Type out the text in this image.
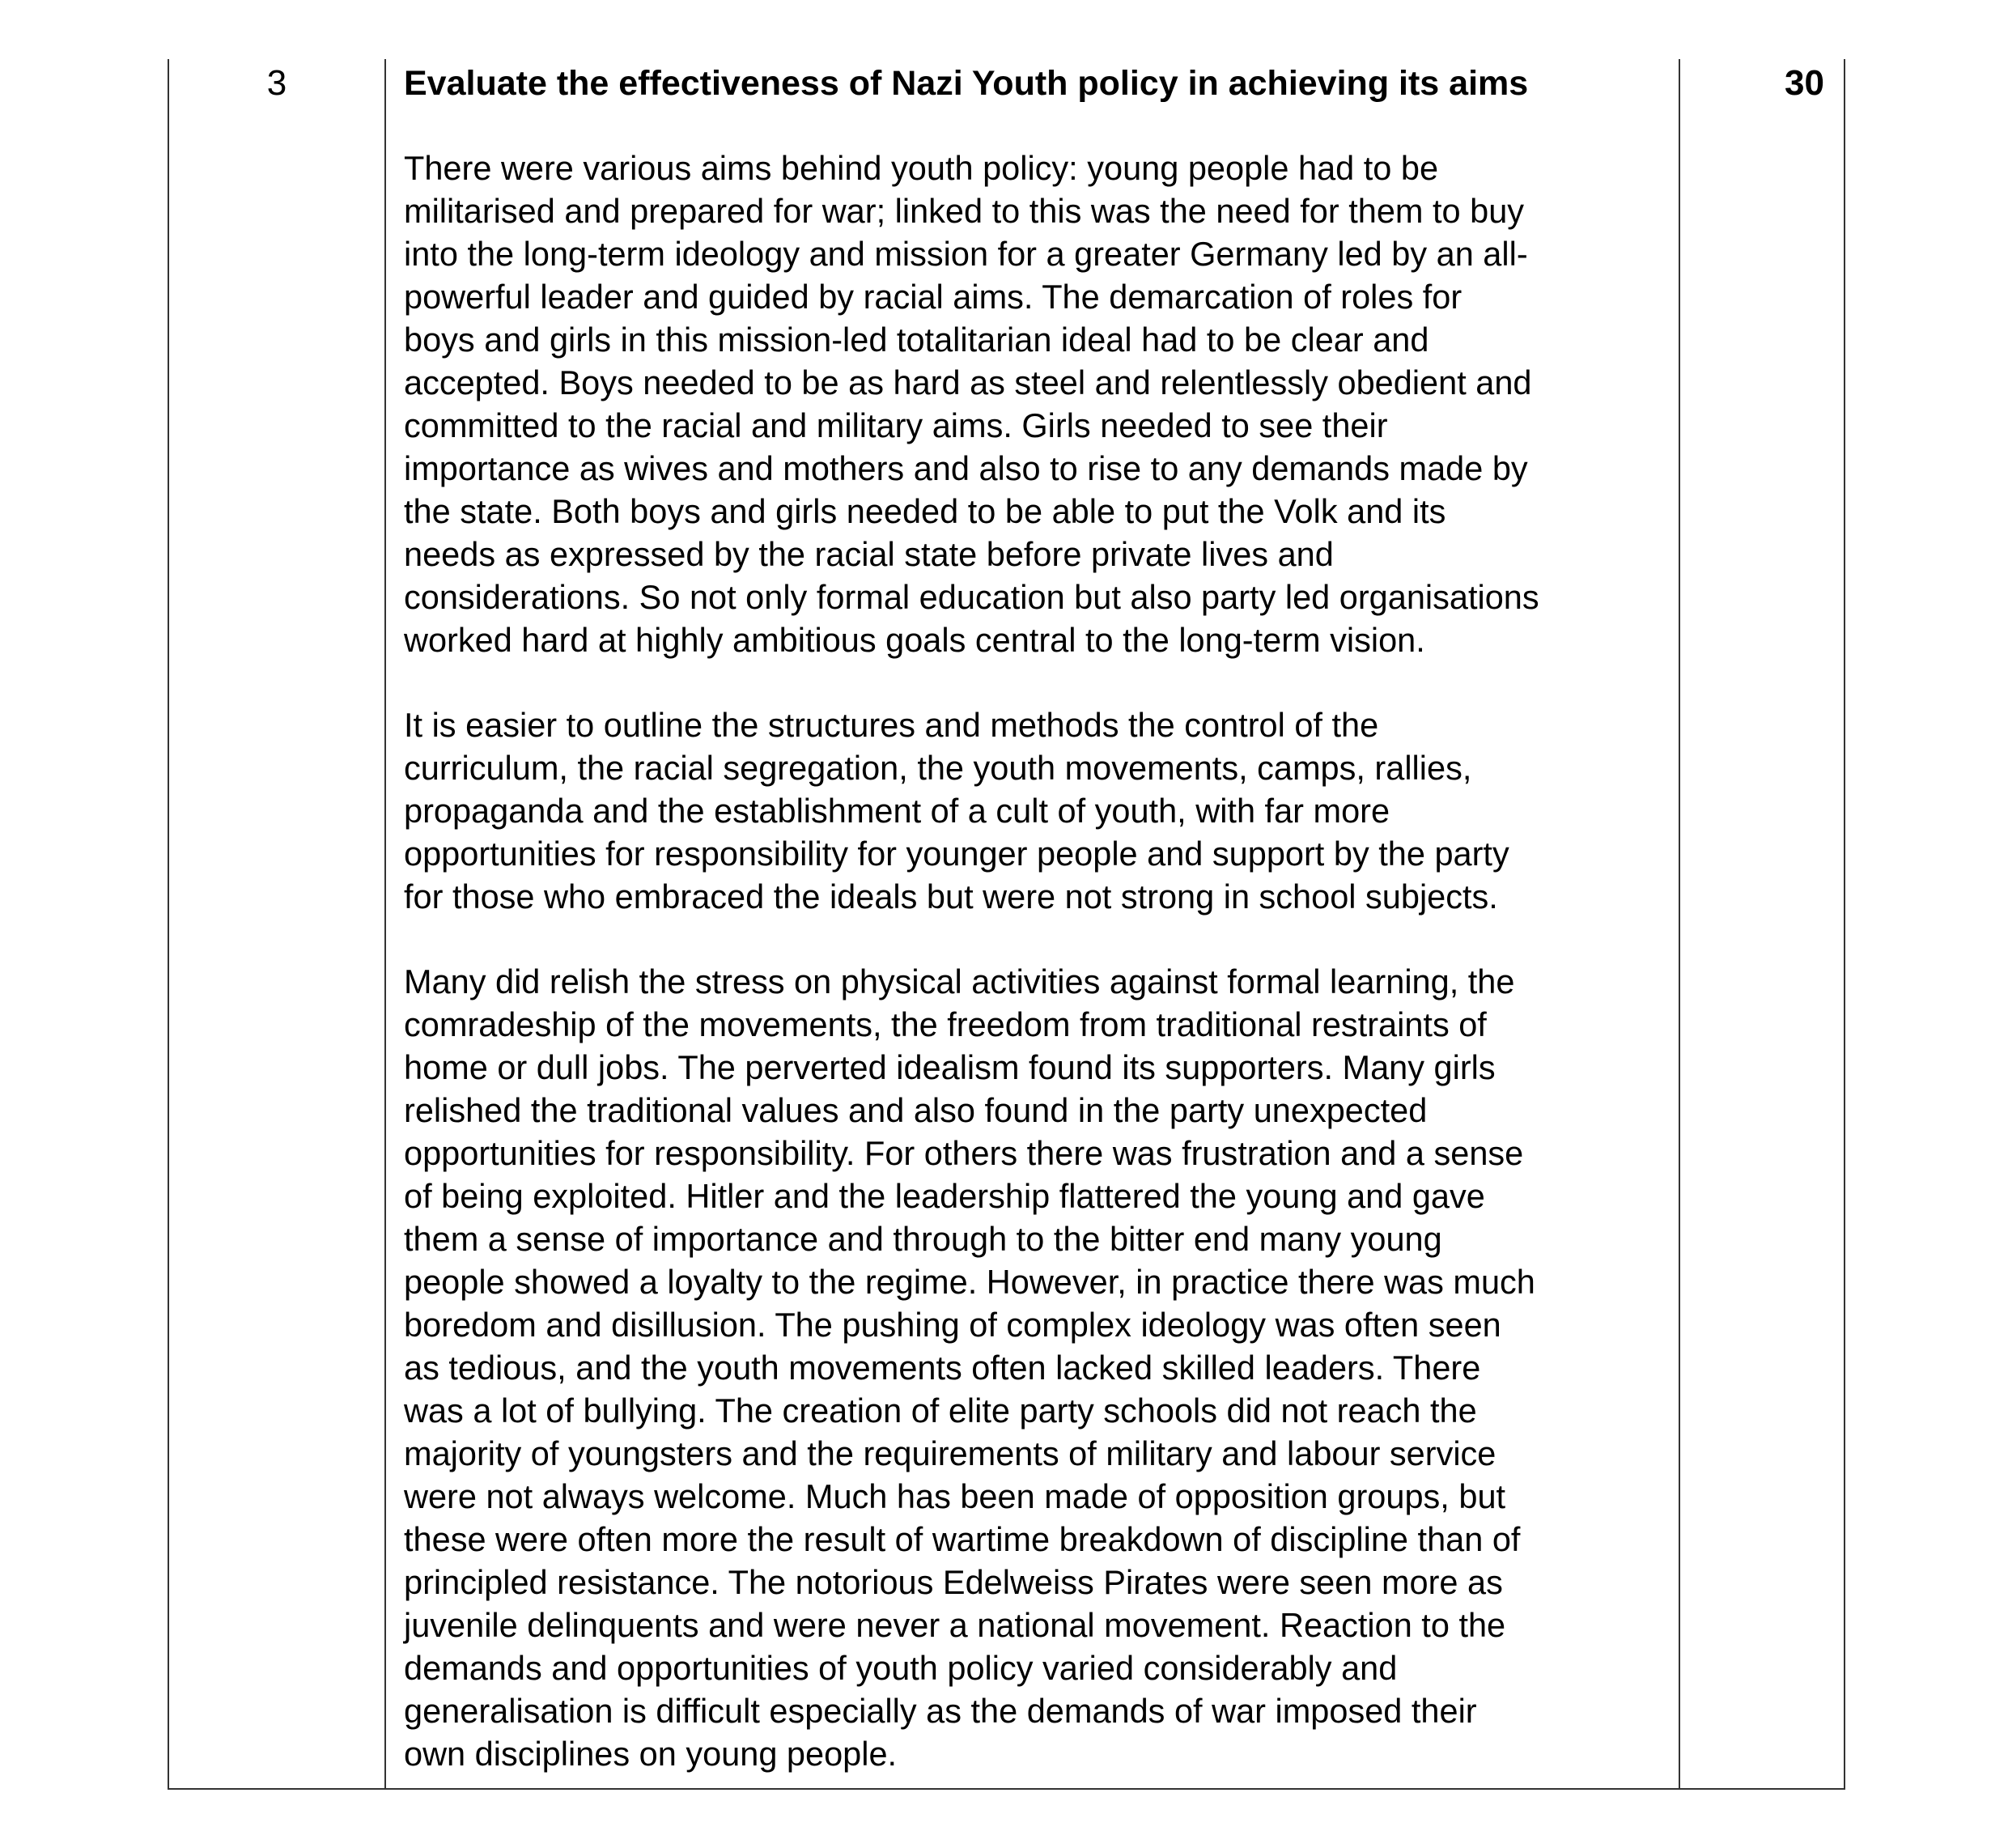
3	Evaluate the effectiveness of Nazi Youth policy in achieving its aims
There were various aims behind youth policy: young people had to be
militarised and prepared for war; linked to this was the need for them to buy
into the long-term ideology and mission for a greater Germany led by an all-
powerful leader and guided by racial aims. The demarcation of roles for
boys and girls in this mission-led totalitarian ideal had to be clear and
accepted. Boys needed to be as hard as steel and relentlessly obedient and
committed to the racial and military aims. Girls needed to see their
importance as wives and mothers and also to rise to any demands made by
the state. Both boys and girls needed to be able to put the Volk and its
needs as expressed by the racial state before private lives and
considerations. So not only formal education but also party led organisations
worked hard at highly ambitious goals central to the long-term vision.
It is easier to outline the structures and methods the control of the
curriculum, the racial segregation, the youth movements, camps, rallies,
propaganda and the establishment of a cult of youth, with far more
opportunities for responsibility for younger people and support by the party
for those who embraced the ideals but were not strong in school subjects.
Many did relish the stress on physical activities against formal learning, the
comradeship of the movements, the freedom from traditional restraints of
home or dull jobs. The perverted idealism found its supporters. Many girls
relished the traditional values and also found in the party unexpected
opportunities for responsibility. For others there was frustration and a sense
of being exploited. Hitler and the leadership flattered the young and gave
them a sense of importance and through to the bitter end many young
people showed a loyalty to the regime. However, in practice there was much
boredom and disillusion. The pushing of complex ideology was often seen
as tedious, and the youth movements often lacked skilled leaders. There
was a lot of bullying. The creation of elite party schools did not reach the
majority of youngsters and the requirements of military and labour service
were not always welcome. Much has been made of opposition groups, but
these were often more the result of wartime breakdown of discipline than of
principled resistance. The notorious Edelweiss Pirates were seen more as
juvenile delinquents and were never a national movement. Reaction to the
demands and opportunities of youth policy varied considerably and
generalisation is difficult especially as the demands of war imposed their
own disciplines on young people.
30
